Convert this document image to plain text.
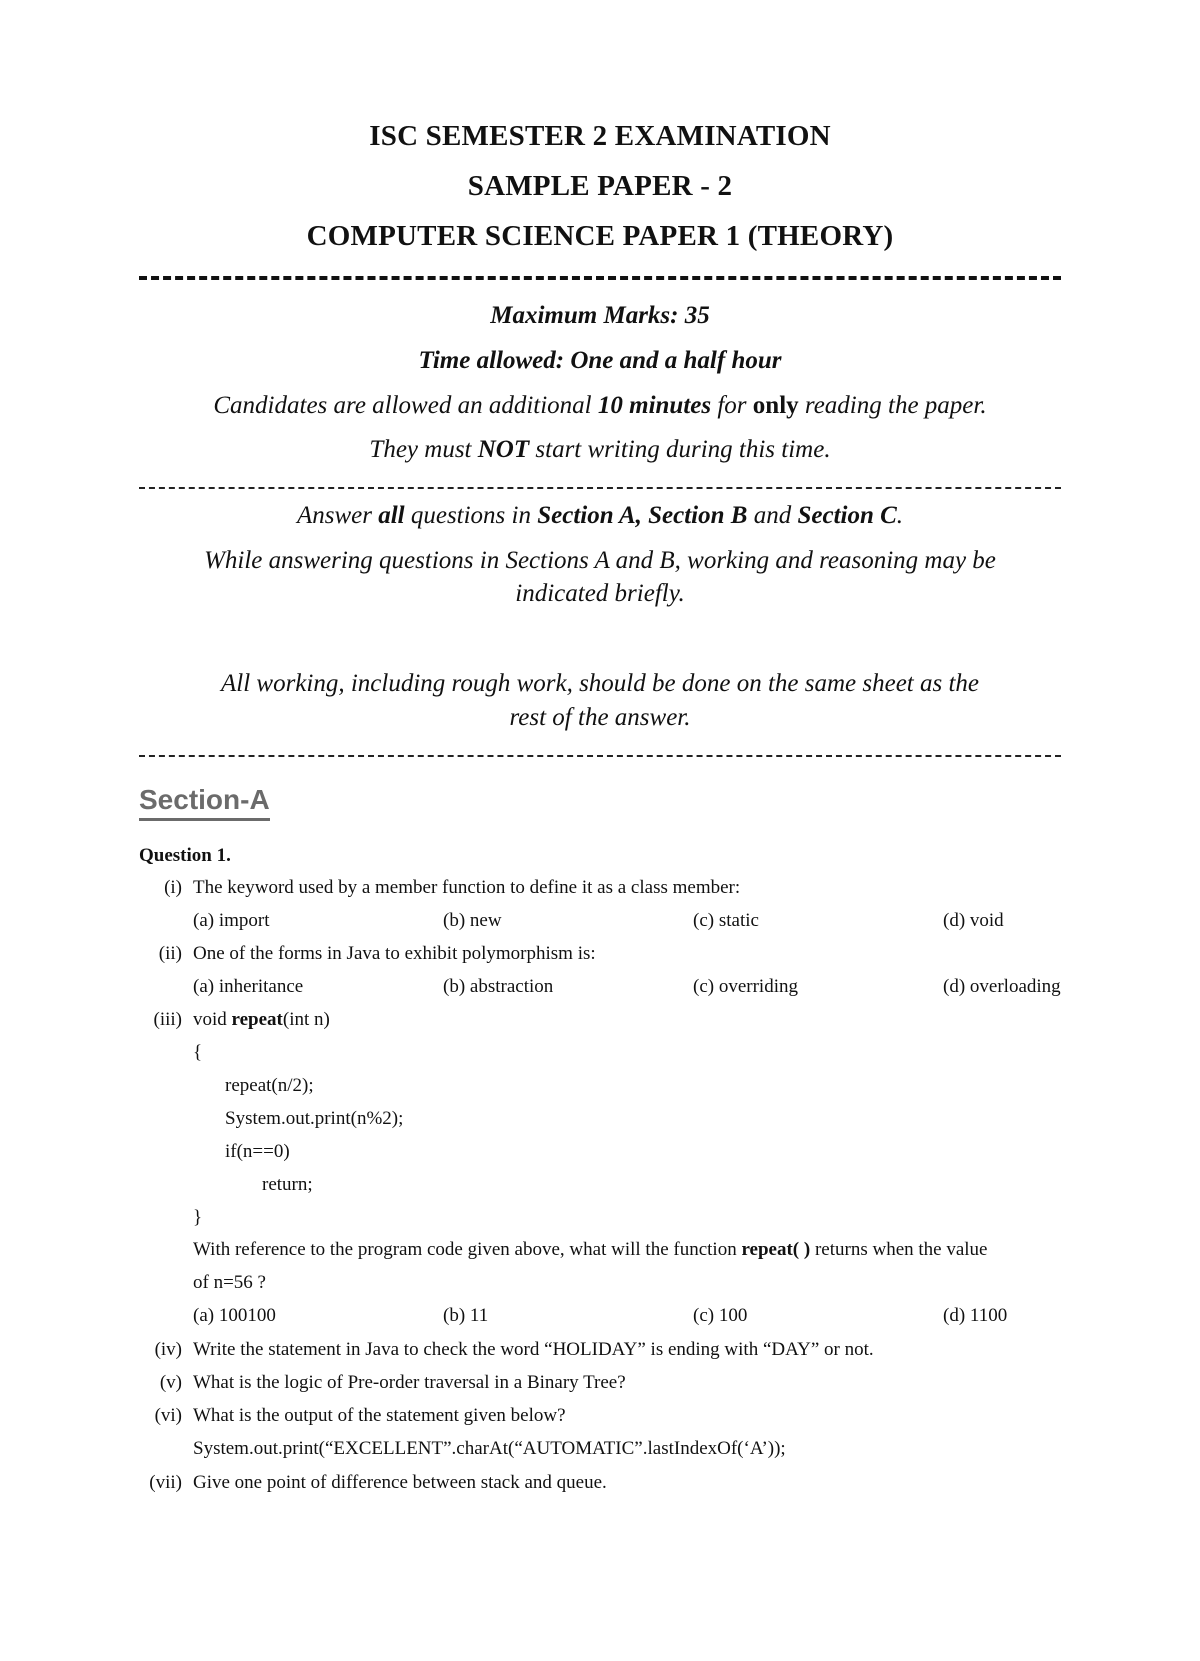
ISC SEMESTER 2 EXAMINATION
SAMPLE PAPER - 2
COMPUTER SCIENCE PAPER 1 (THEORY)
Maximum Marks: 35
Time allowed: One and a half hour
Candidates are allowed an additional 10 minutes for only reading the paper.
They must NOT start writing during this time.
Answer all questions in Section A, Section B and Section C.
While answering questions in Sections A and B, working and reasoning may be
indicated briefly.
All working, including rough work, should be done on the same sheet as the
rest of the answer.
Section-A
Question 1.
(i) The keyword used by a member function to define it as a class member:
(a) import	(b) new	(c) static	(d) void
(ii) One of the forms in Java to exhibit polymorphism is:
(a) inheritance	(b) abstraction	(c) overriding	(d) overloading
(iii) void repeat(int n)
{
repeat(n/2);
System.out.print(n%2);
if(n==0)
return;
}
With reference to the program code given above, what will the function repeat( ) returns when the value
of n=56 ?
(a) 100100	(b) 11	(c) 100	(d) 1100
(iv) Write the statement in Java to check the word “HOLIDAY” is ending with “DAY” or not.
(v) What is the logic of Pre-order traversal in a Binary Tree?
(vi) What is the output of the statement given below?
System.out.print(“EXCELLENT”.charAt(“AUTOMATIC”.lastIndexOf(‘A’));
(vii) Give one point of difference between stack and queue.
